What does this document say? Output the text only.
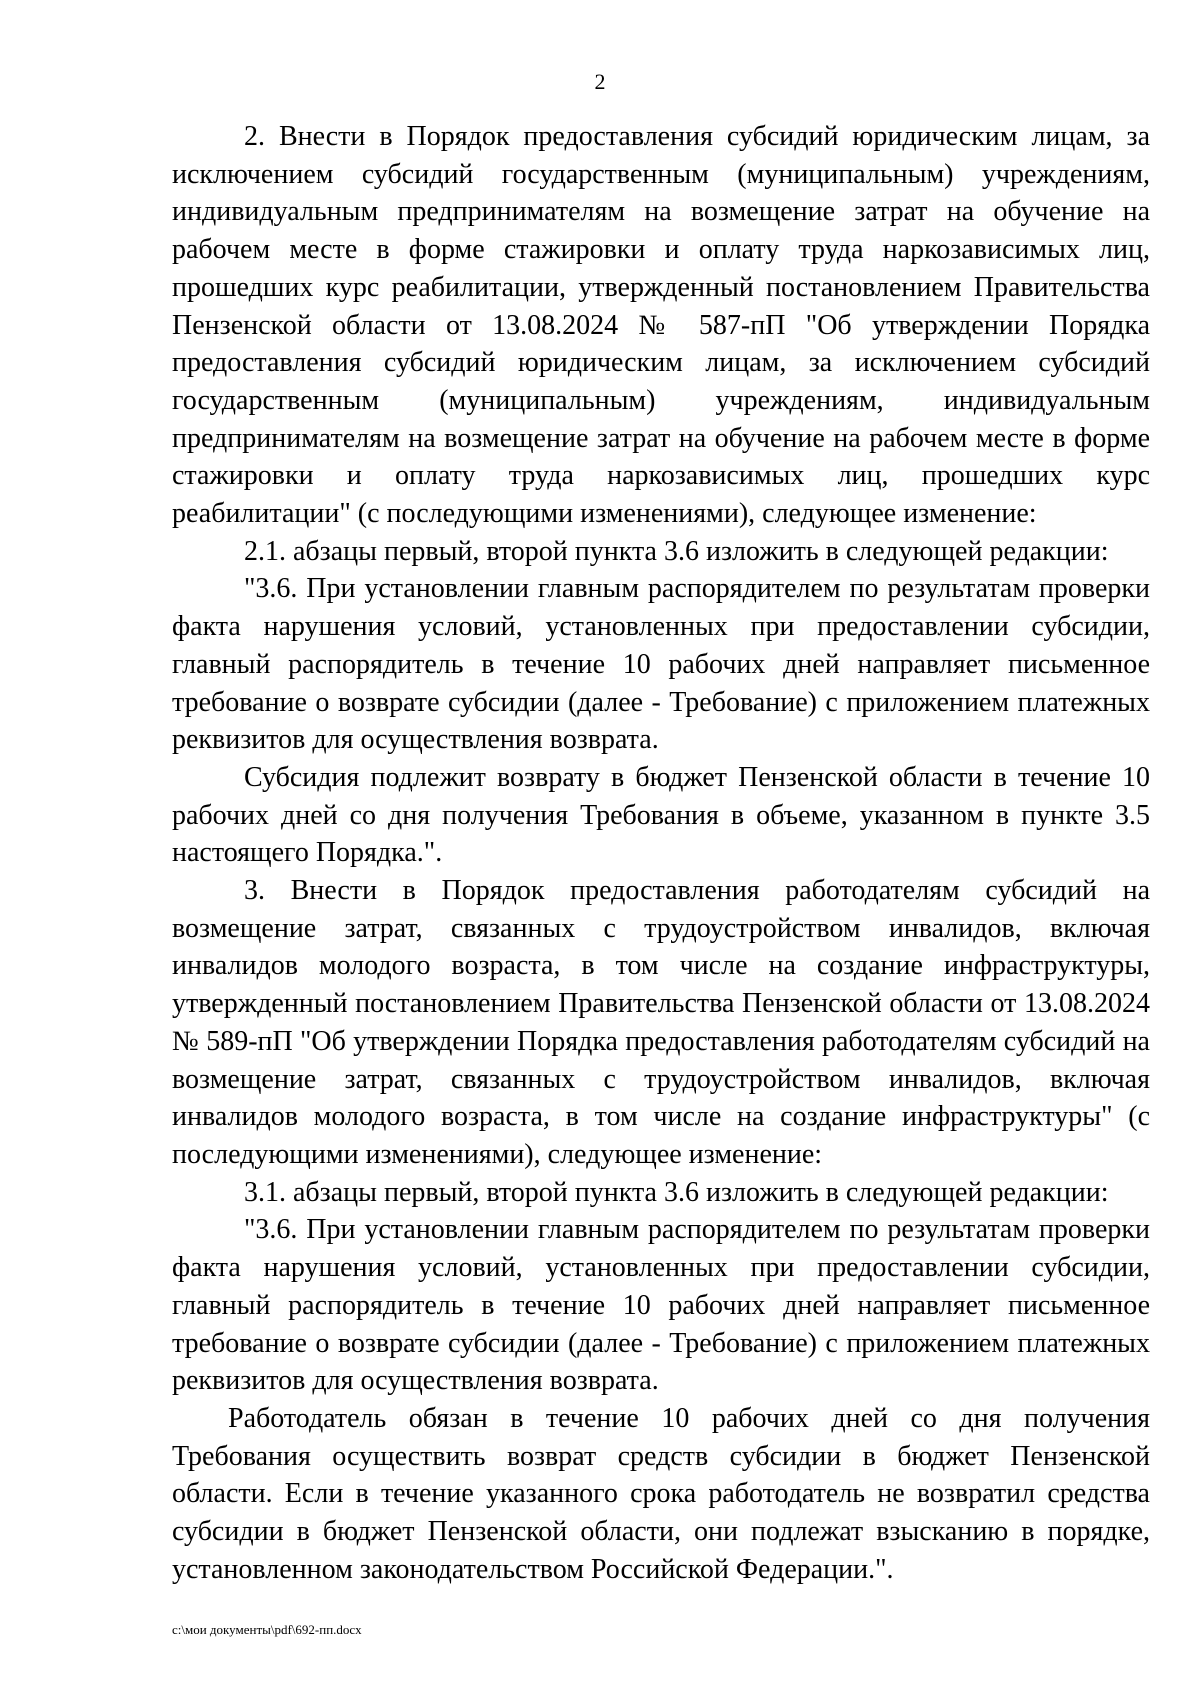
2

2. Внести в Порядок предоставления субсидий юридическим лицам, за исключением субсидий государственным (муниципальным) учреждениям, индивидуальным предпринимателям на возмещение затрат на обучение на рабочем месте в форме стажировки и оплату труда наркозависимых лиц, прошедших курс реабилитации, утвержденный постановлением Правительства Пензенской области от 13.08.2024 № 587-пП "Об утверждении Порядка предоставления субсидий юридическим лицам, за исключением субсидий государственным (муниципальным) учреждениям, индивидуальным предпринимателям на возмещение затрат на обучение на рабочем месте в форме стажировки и оплату труда наркозависимых лиц, прошедших курс реабилитации" (с последующими изменениями), следующее изменение:

2.1. абзацы первый, второй пункта 3.6 изложить в следующей редакции:

"3.6. При установлении главным распорядителем по результатам проверки факта нарушения условий, установленных при предоставлении субсидии, главный распорядитель в течение 10 рабочих дней направляет письменное требование о возврате субсидии (далее - Требование) с приложением платежных реквизитов для осуществления возврата.

Субсидия подлежит возврату в бюджет Пензенской области в течение 10 рабочих дней со дня получения Требования в объеме, указанном в пункте 3.5 настоящего Порядка.".

3. Внести в Порядок предоставления работодателям субсидий на возмещение затрат, связанных с трудоустройством инвалидов, включая инвалидов молодого возраста, в том числе на создание инфраструктуры, утвержденный постановлением Правительства Пензенской области от 13.08.2024 № 589-пП "Об утверждении Порядка предоставления работодателям субсидий на возмещение затрат, связанных с трудоустройством инвалидов, включая инвалидов молодого возраста, в том числе на создание инфраструктуры" (с последующими изменениями), следующее изменение:

3.1. абзацы первый, второй пункта 3.6 изложить в следующей редакции:

"3.6. При установлении главным распорядителем по результатам проверки факта нарушения условий, установленных при предоставлении субсидии, главный распорядитель в течение 10 рабочих дней направляет письменное требование о возврате субсидии (далее - Требование) с приложением платежных реквизитов для осуществления возврата.

Работодатель обязан в течение 10 рабочих дней со дня получения Требования осуществить возврат средств субсидии в бюджет Пензенской области. Если в течение указанного срока работодатель не возвратил средства субсидии в бюджет Пензенской области, они подлежат взысканию в порядке, установленном законодательством Российской Федерации.".

c:\мои документы\pdf\692-пп.docx
